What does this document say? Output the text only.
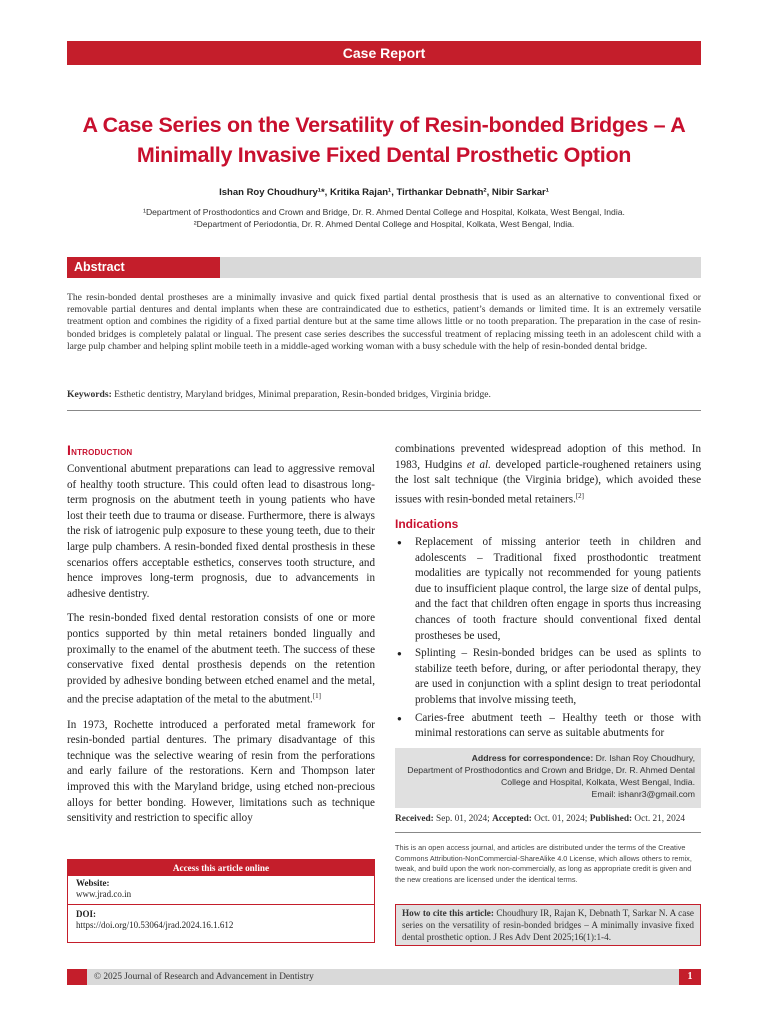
Case Report
A Case Series on the Versatility of Resin-bonded Bridges – A Minimally Invasive Fixed Dental Prosthetic Option
Ishan Roy Choudhury¹*, Kritika Rajan¹, Tirthankar Debnath², Nibir Sarkar¹
¹Department of Prosthodontics and Crown and Bridge, Dr. R. Ahmed Dental College and Hospital, Kolkata, West Bengal, India.
²Department of Periodontia, Dr. R. Ahmed Dental College and Hospital, Kolkata, West Bengal, India.
Abstract
The resin-bonded dental prostheses are a minimally invasive and quick fixed partial dental prosthesis that is used as an alternative to conventional fixed or removable partial dentures and dental implants when these are contraindicated due to esthetics, patient’s demands or limited time. It is an extremely versatile treatment option and combines the rigidity of a fixed partial denture but at the same time allows little or no tooth preparation. The preparation in the case of resin-bonded bridges is completely palatal or lingual. The present case series describes the successful treatment of replacing missing teeth in an adolescent child with a large pulp chamber and helping splint mobile teeth in a middle-aged working woman with a busy schedule with the help of resin-bonded dental bridge.
Keywords: Esthetic dentistry, Maryland bridges, Minimal preparation, Resin-bonded bridges, Virginia bridge.
Introduction

Conventional abutment preparations can lead to aggressive removal of healthy tooth structure. This could often lead to disastrous long-term prognosis on the abutment teeth in young patients who have lost their teeth due to trauma or disease. Furthermore, there is always the risk of iatrogenic pulp exposure to these young teeth, due to their large pulp chambers. A resin-bonded fixed dental prosthesis in these scenarios offers acceptable esthetics, conserves tooth structure, and hence improves long-term prognosis, due to advancements in adhesive dentistry.

The resin-bonded fixed dental restoration consists of one or more pontics supported by thin metal retainers bonded lingually and proximally to the enamel of the abutment teeth. The success of these conservative fixed dental prosthesis depends on the retention provided by adhesive bonding between etched enamel and the metal, and the precise adaptation of the metal to the abutment.[1]

In 1973, Rochette introduced a perforated metal framework for resin-bonded partial dentures. The primary disadvantage of this technique was the selective wearing of resin from the perforations and early failure of the restorations. Kern and Thompson later improved this with the Maryland bridge, using etched non-precious alloys for better bonding. However, limitations such as technique sensitivity and restriction to specific alloy

combinations prevented widespread adoption of this method. In 1983, Hudgins et al. developed particle-roughened retainers using the lost salt technique (the Virginia bridge), which avoided these issues with resin-bonded metal retainers.[2]

Indications
● Replacement of missing anterior teeth in children and adolescents – Traditional fixed prosthodontic treatment modalities are typically not recommended for young patients due to insufficient plaque control, the large size of dental pulps, and the fact that children often engage in sports thus increasing chances of tooth fracture should conventional fixed dental prostheses be used,
● Splinting – Resin-bonded bridges can be used as splints to stabilize teeth before, during, or after periodontal therapy, they are used in conjunction with a splint design to treat periodontal problems that involve missing teeth,
● Caries-free abutment teeth – Healthy teeth or those with minimal restorations can serve as suitable abutments for
Address for correspondence: Dr. Ishan Roy Choudhury,
Department of Prosthodontics and Crown and Bridge, Dr. R. Ahmed Dental
College and Hospital, Kolkata, West Bengal, India.
Email: ishanr3@gmail.com
Received: Sep. 01, 2024; Accepted: Oct. 01, 2024; Published: Oct. 21, 2024
This is an open access journal, and articles are distributed under the terms of the Creative Commons Attribution-NonCommercial-ShareAlike 4.0 License, which allows others to remix, tweak, and build upon the work non-commercially, as long as appropriate credit is given and the new creations are licensed under the identical terms.
How to cite this article: Choudhury IR, Rajan K, Debnath T, Sarkar N. A case series on the versatility of resin-bonded bridges – A minimally invasive fixed dental prosthetic option. J Res Adv Dent 2025;16(1):1-4.
Access this article online
Website:
www.jrad.co.in
DOI:
https://doi.org/10.53064/jrad.2024.16.1.612
© 2025 Journal of Research and Advancement in Dentistry	1
